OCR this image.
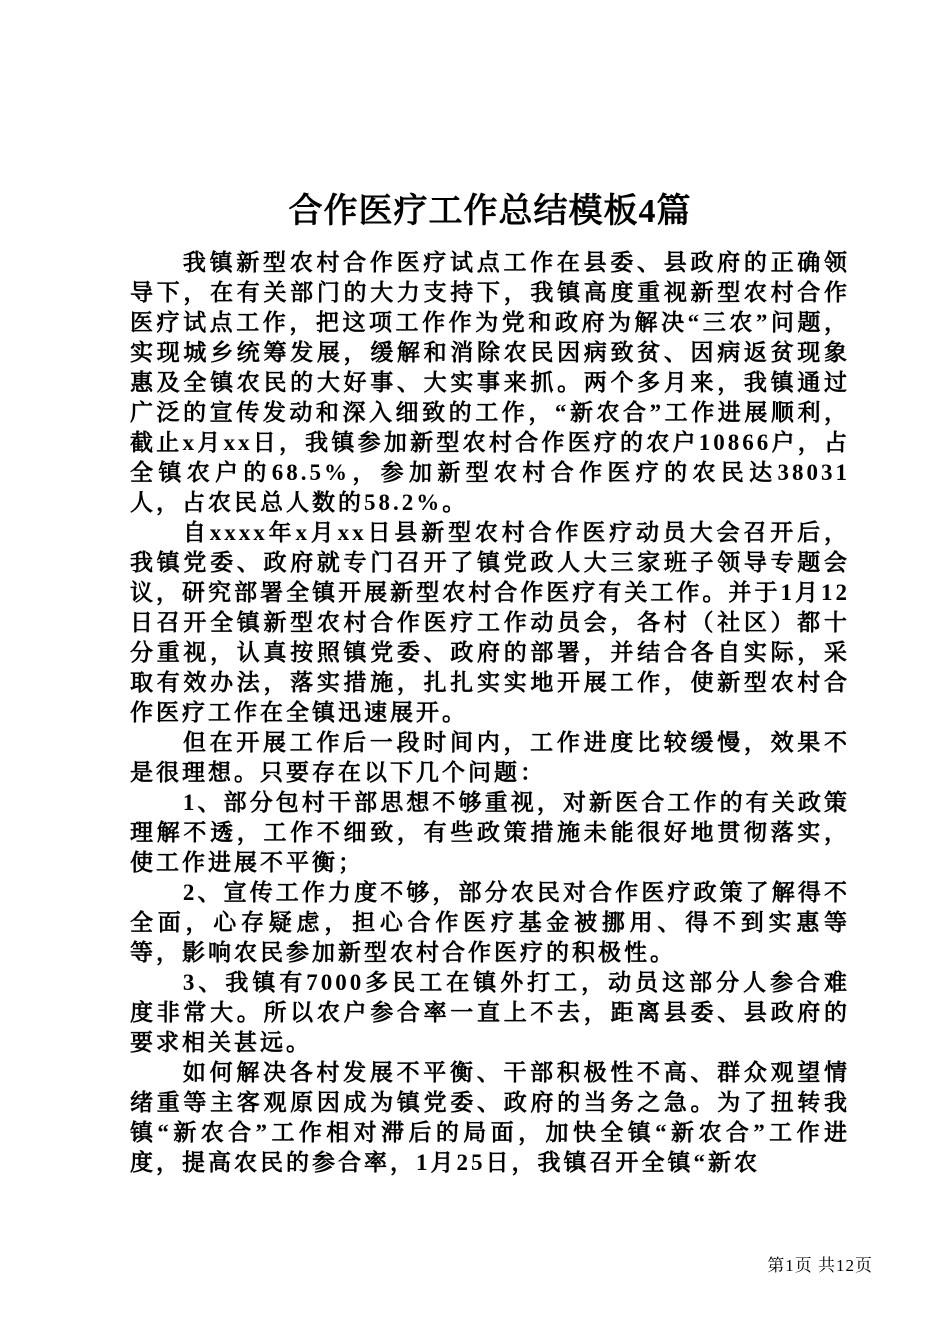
合作医疗工作总结模板4篇

我镇新型农村合作医疗试点工作在县委、县政府的正确领导下，在有关部门的大力支持下，我镇高度重视新型农村合作医疗试点工作，把这项工作作为党和政府为解决“三农”问题，实现城乡统筹发展，缓解和消除农民因病致贫、因病返贫现象惠及全镇农民的大好事、大实事来抓。两个多月来，我镇通过广泛的宣传发动和深入细致的工作，“新农合”工作进展顺利，截止x月xx日，我镇参加新型农村合作医疗的农户10866户，占全镇农户的68.5%，参加新型农村合作医疗的农民达38031人，占农民总人数的58.2%。

自xxxx年x月xx日县新型农村合作医疗动员大会召开后，我镇党委、政府就专门召开了镇党政人大三家班子领导专题会议，研究部署全镇开展新型农村合作医疗有关工作。并于1月12日召开全镇新型农村合作医疗工作动员会，各村（社区）都十分重视，认真按照镇党委、政府的部署，并结合各自实际，采取有效办法，落实措施，扎扎实实地开展工作，使新型农村合作医疗工作在全镇迅速展开。

但在开展工作后一段时间内，工作进度比较缓慢，效果不是很理想。只要存在以下几个问题：

1、部分包村干部思想不够重视，对新医合工作的有关政策理解不透，工作不细致，有些政策措施未能很好地贯彻落实，使工作进展不平衡；

2、宣传工作力度不够，部分农民对合作医疗政策了解得不全面，心存疑虑，担心合作医疗基金被挪用、得不到实惠等等，影响农民参加新型农村合作医疗的积极性。

3、我镇有7000多民工在镇外打工，动员这部分人参合难度非常大。所以农户参合率一直上不去，距离县委、县政府的要求相关甚远。

如何解决各村发展不平衡、干部积极性不高、群众观望情绪重等主客观原因成为镇党委、政府的当务之急。为了扭转我镇“新农合”工作相对滞后的局面，加快全镇“新农合”工作进度，提高农民的参合率，1月25日，我镇召开全镇“新农

第1页 共12页
